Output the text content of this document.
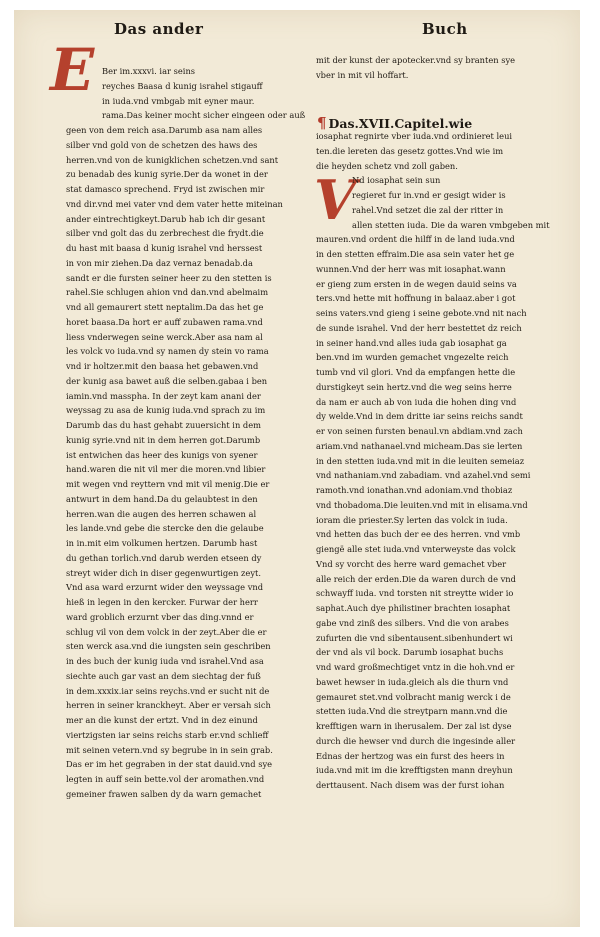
Das ander	Buch
E Ber im.xxxvi. iar seins
reyches Baasa d kunig israhel stigauff
in iuda.vnd vmbgab mit eyner maur.
rama.Das keiner mocht sicher eingeen oder auß
geen von dem reich asa.Darumb asa nam alles
silber vnd gold von de schetzen des haws des
herren.vnd von de kunigklichen schetzen.vnd sant
zu benadab des kunig syrie.Der da wonet in der
stat damasco sprechend. Fryd ist zwischen mir
vnd dir.vnd mei vater vnd dem vater hette miteinan
ander eintrechtigkeyt.Darub hab ich dir gesant
silber vnd golt das du zerbrechest die frydt.die
du hast mit baasa d kunig israhel vnd herssest
in von mir ziehen.Da daz vernaz benadab.da
sandt er die fursten seiner heer zu den stetten is
rahel.Sie schlugen ahion vnd dan.vnd abelmaim
vnd all gemaurert stett neptalim.Da das het ge
horet baasa.Da hort er auff zubawen rama.vnd
liess vnderwegen seine werck.Aber asa nam al
les volck vo iuda.vnd sy namen dy stein vo rama
vnd ir holtzer.mit den baasa het gebawen.vnd
der kunig asa bawet auß die selben.gabaa i ben
iamin.vnd masspha. In der zeyt kam anani der
weyssag zu asa de kunig iuda.vnd sprach zu im
Darumb das du hast gehabt zuuersicht in dem
kunig syrie.vnd nit in dem herren got.Darumb
ist entwichen das heer des kunigs von syener
hand.waren die nit vil mer die moren.vnd libier
mit wegen vnd reyttern vnd mit vil menig.Die er
antwurt in dem hand.Da du gelaubtest in den
herren.wan die augen des herren schawen al
les lande.vnd gebe die stercke den die gelaube
in in.mit eim volkumen hertzen. Darumb hast
du gethan torlich.vnd darub werden etseen dy
streyt wider dich in diser gegenwurtigen zeyt.
Vnd asa ward erzurnt wider den weyssage vnd
hieß in legen in den kercker. Furwar der herr
ward groblich erzurnt vber das ding.vnnd er
schlug vil von dem volck in der zeyt.Aber die er
sten werck asa.vnd die iungsten sein geschriben
in des buch der kunig iuda vnd israhel.Vnd asa
siechte auch gar vast an dem siechtag der fuß
in dem.xxxix.iar seins reychs.vnd er sucht nit de
herren in seiner kranckheyt. Aber er versah sich
mer an die kunst der ertzt. Vnd in dez einund
viertzigsten iar seins reichs starb er.vnd schlieff
mit seinen vetern.vnd sy begrube in in sein grab.
Das er im het gegraben in der stat dauid.vnd sye
legten in auff sein bette.vol der aromathen.vnd
gemeiner frawen salben dy da warn gemachet
mit der kunst der apotecker.vnd sy branten sye
vber in mit vil hoffart.
¶ Das.XVII.Capitel.wie
V
iosaphat regnirte vber iuda.vnd ordinieret leui
ten.die lereten das gesetz gottes.Vnd wie im
die heyden schetz vnd zoll gaben.
Nd iosaphat sein sun
regieret fur in.vnd er gesigt wider is
rahel.Vnd setzet die zal der ritter in
allen stetten iuda. Die da waren vmbgeben mit
mauren.vnd ordent die hilff in de land iuda.vnd
in den stetten effraim.Die asa sein vater het ge
wunnen.Vnd der herr was mit iosaphat.wann
er gieng zum ersten in de wegen dauid seins va
ters.vnd hette mit hoffnung in balaaz.aber i got
seins vaters.vnd gieng i seine gebote.vnd nit nach
de sunde israhel. Vnd der herr bestettet dz reich
in seiner hand.vnd alles iuda gab iosaphat ga
ben.vnd im wurden gemachet vngezelte reich
tumb vnd vil glori. Vnd da empfangen hette die
durstigkeyt sein hertz.vnd die weg seins herre
da nam er auch ab von iuda die hohen ding vnd
dy welde.Vnd in dem dritte iar seins reichs sandt
er von seinen fursten benaul.vn abdiam.vnd zach
ariam.vnd nathanael.vnd micheam.Das sie lerten
in den stetten iuda.vnd mit in die leuiten semeiaz
vnd nathaniam.vnd zabadiam. vnd azahel.vnd semi
ramoth.vnd ionathan.vnd adoniam.vnd thobiaz
vnd thobadoma.Die leuiten.vnd mit in elisama.vnd
ioram die priester.Sy lerten das volck in iuda.
vnd hetten das buch der ee des herren. vnd vmb
giengë alle stet iuda.vnd vnterweyste das volck
Vnd sy vorcht des herre ward gemachet vber
alle reich der erden.Die da waren durch de vnd
schwayff iuda. vnd torsten nit streytte wider io
saphat.Auch dye philistiner brachten iosaphat
gabe vnd zinß des silbers. Vnd die von arabes
zufurten die vnd sibentausent.sibenhundert wi
der vnd als vil bock. Darumb iosaphat buchs
vnd ward großmechtiget vntz in die hoh.vnd er
bawet hewser in iuda.gleich als die thurn vnd
gemauret stet.vnd volbracht manig werck i de
stetten iuda.Vnd die streytparn mann.vnd die
krefftigen warn in iherusalem. Der zal ist dyse
durch die hewser vnd durch die ingesinde aller
Ednas der hertzog was ein furst des heers in
iuda.vnd mit im die krefftigsten mann dreyhun
derttausent. Nach disem was der furst iohan
